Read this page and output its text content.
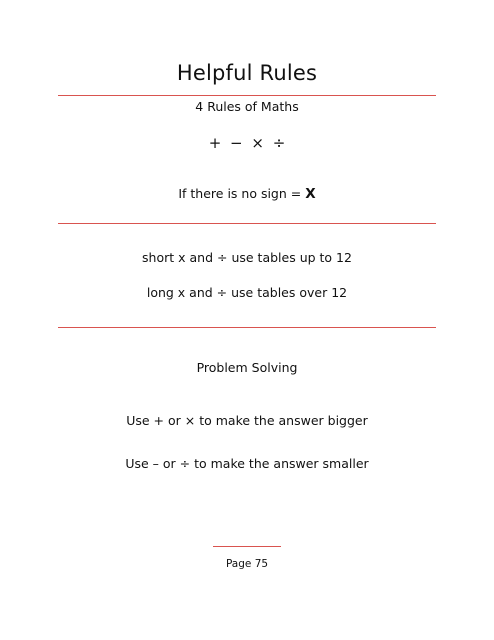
Helpful Rules
4 Rules of Maths
+ − × ÷
If there is no sign = X
short x and ÷ use tables up to 12
long x and ÷ use tables over 12
Problem Solving
Use + or × to make the answer bigger
Use – or ÷ to make the answer smaller
Page 75
